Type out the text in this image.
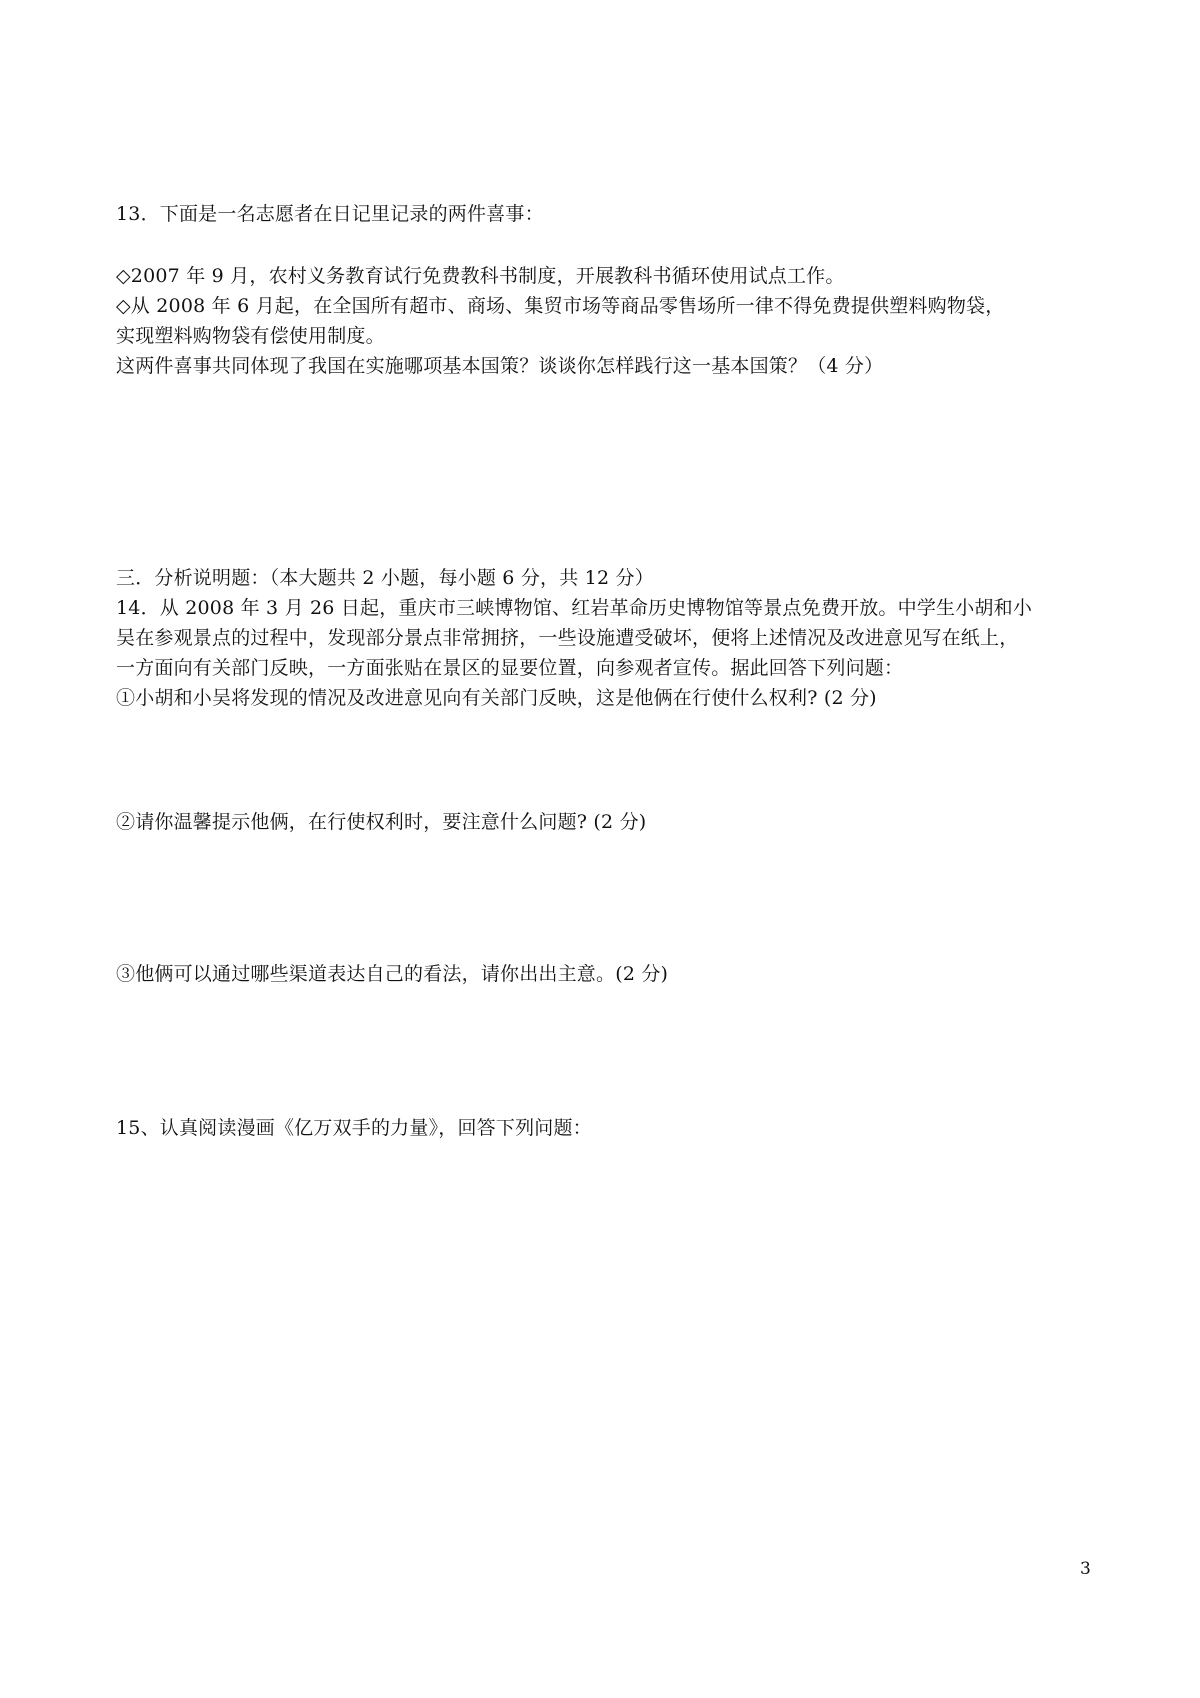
13．下面是一名志愿者在日记里记录的两件喜事：
◇2007 年 9 月，农村义务教育试行免费教科书制度，开展教科书循环使用试点工作。
◇从 2008 年 6 月起，在全国所有超市、商场、集贸市场等商品零售场所一律不得免费提供塑料购物袋，
实现塑料购物袋有偿使用制度。
这两件喜事共同体现了我国在实施哪项基本国策？谈谈你怎样践行这一基本国策？（4 分）
三．分析说明题：（本大题共 2 小题，每小题 6 分，共 12 分）
14．从 2008 年 3 月 26 日起，重庆市三峡博物馆、红岩革命历史博物馆等景点免费开放。中学生小胡和小
吴在参观景点的过程中，发现部分景点非常拥挤，一些设施遭受破坏，便将上述情况及改进意见写在纸上，
一方面向有关部门反映，一方面张贴在景区的显要位置，向参观者宣传。据此回答下列问题：
①小胡和小吴将发现的情况及改进意见向有关部门反映，这是他俩在行使什么权利? (2 分)
②请你温馨提示他俩，在行使权利时，要注意什么问题? (2 分)
③他俩可以通过哪些渠道表达自己的看法，请你出出主意。(2 分)
15、认真阅读漫画《亿万双手的力量》，回答下列问题：
3
